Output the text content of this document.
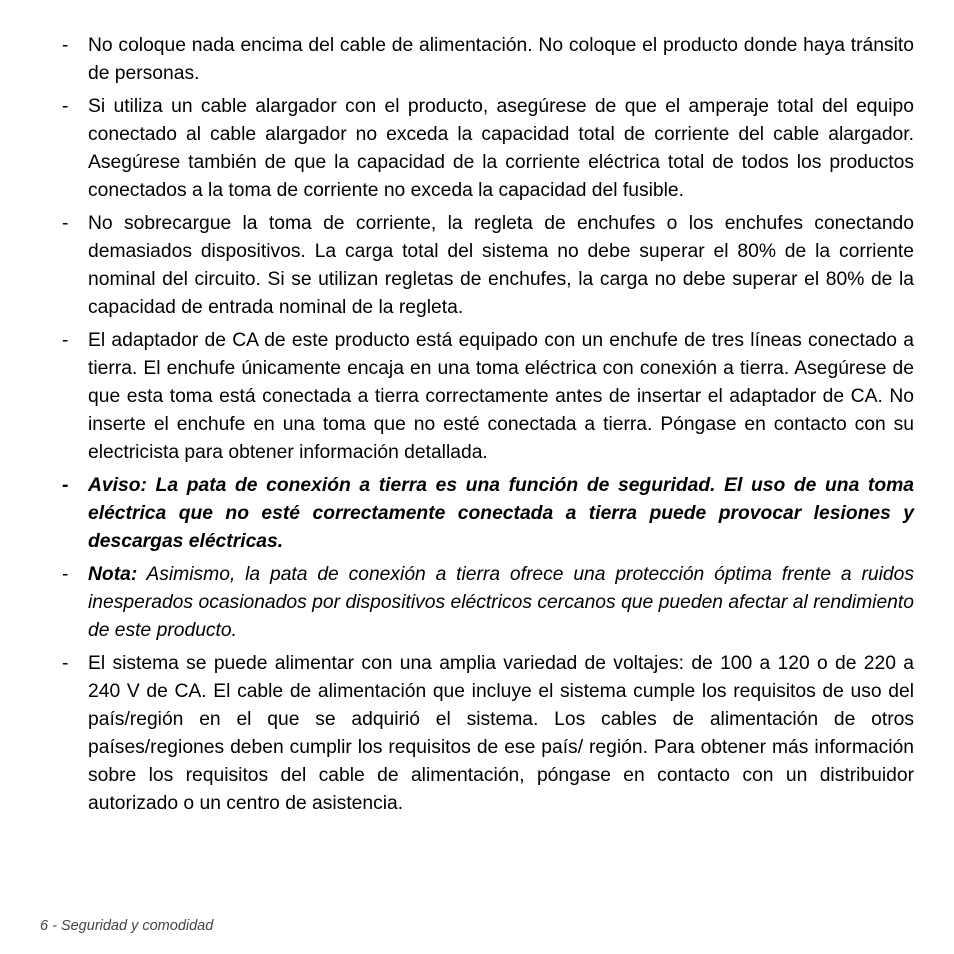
-	No coloque nada encima del cable de alimentación. No coloque el producto donde haya tránsito de personas.
-	Si utiliza un cable alargador con el producto, asegúrese de que el amperaje total del equipo conectado al cable alargador no exceda la capacidad total de corriente del cable alargador. Asegúrese también de que la capacidad de la corriente eléctrica total de todos los productos conectados a la toma de corriente no exceda la capacidad del fusible.
-	No sobrecargue la toma de corriente, la regleta de enchufes o los enchufes conectando demasiados dispositivos. La carga total del sistema no debe superar el 80% de la corriente nominal del circuito. Si se utilizan regletas de enchufes, la carga no debe superar el 80% de la capacidad de entrada nominal de la regleta.
-	El adaptador de CA de este producto está equipado con un enchufe de tres líneas conectado a tierra. El enchufe únicamente encaja en una toma eléctrica con conexión a tierra. Asegúrese de que esta toma está conectada a tierra correctamente antes de insertar el adaptador de CA. No inserte el enchufe en una toma que no esté conectada a tierra. Póngase en contacto con su electricista para obtener información detallada.
-	Aviso: La pata de conexión a tierra es una función de seguridad. El uso de una toma eléctrica que no esté correctamente conectada a tierra puede provocar lesiones y descargas eléctricas.
-	Nota: Asimismo, la pata de conexión a tierra ofrece una protección óptima frente a ruidos inesperados ocasionados por dispositivos eléctricos cercanos que pueden afectar al rendimiento de este producto.
-	El sistema se puede alimentar con una amplia variedad de voltajes: de 100 a 120 o de 220 a 240 V de CA. El cable de alimentación que incluye el sistema cumple los requisitos de uso del país/región en el que se adquirió el sistema. Los cables de alimentación de otros países/regiones deben cumplir los requisitos de ese país/ región. Para obtener más información sobre los requisitos del cable de alimentación, póngase en contacto con un distribuidor autorizado o un centro de asistencia.
6 - Seguridad y comodidad
